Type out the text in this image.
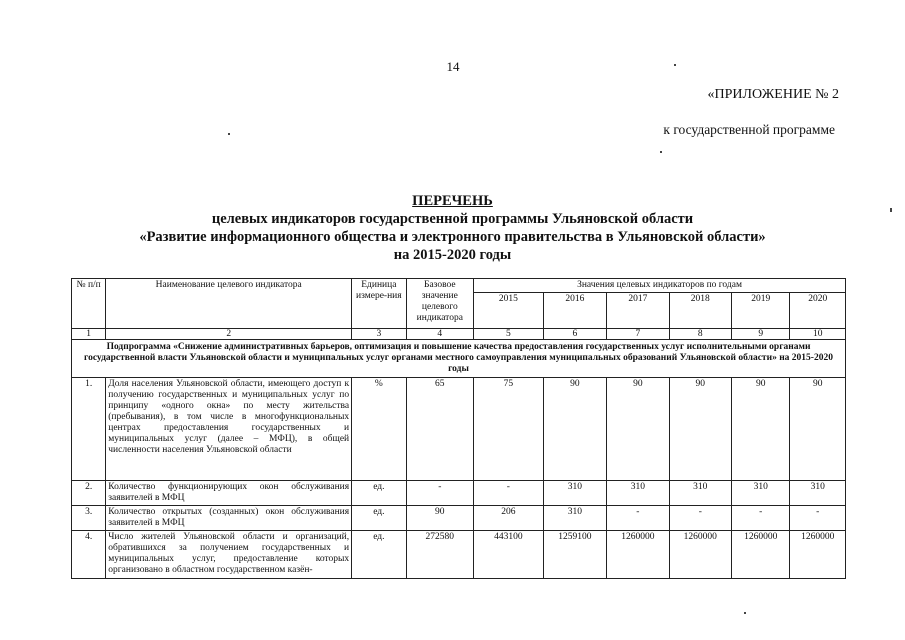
14
«ПРИЛОЖЕНИЕ № 2
к государственной программе
ПЕРЕЧЕНЬ
целевых индикаторов государственной программы Ульяновской области
«Развитие информационного общества и электронного правительства в Ульяновской области»
на 2015-2020 годы
№ п/п	Наименование целевого индикатора	Единица измере-ния	Базовое значение целевого индикатора	Значения целевых индикаторов по годам					
				2015	2016	2017	2018	2019	2020
1	2	3	4	5	6	7	8	9	10
Подпрограмма «Снижение административных барьеров, оптимизация и повышение качества предоставления государственных услуг исполнительными органами государственной власти Ульяновской области и муниципальных услуг органами местного самоуправления муниципальных образований Ульяновской области» на 2015-2020 годы									
1.	Доля населения Ульяновской области, имеющего доступ к получению государственных и муниципальных услуг по принципу «одного окна» по месту жительства (пребывания), в том числе в многофункциональных центрах предоставления государственных и муниципальных услуг (далее – МФЦ), в общей численности населения Ульяновской области	%	65	75	90	90	90	90	90
2.	Количество функционирующих окон обслуживания заявителей в МФЦ	ед.	-	-	310	310	310	310	310
3.	Количество открытых (созданных) окон обслуживания заявителей в МФЦ	ед.	90	206	310	-	-	-	-
4.	Число жителей Ульяновской области и организаций, обратившихся за получением государственных и муниципальных услуг, предоставление которых организовано в областном государственном казён-	ед.	272580	443100	1259100	1260000	1260000	1260000	1260000
